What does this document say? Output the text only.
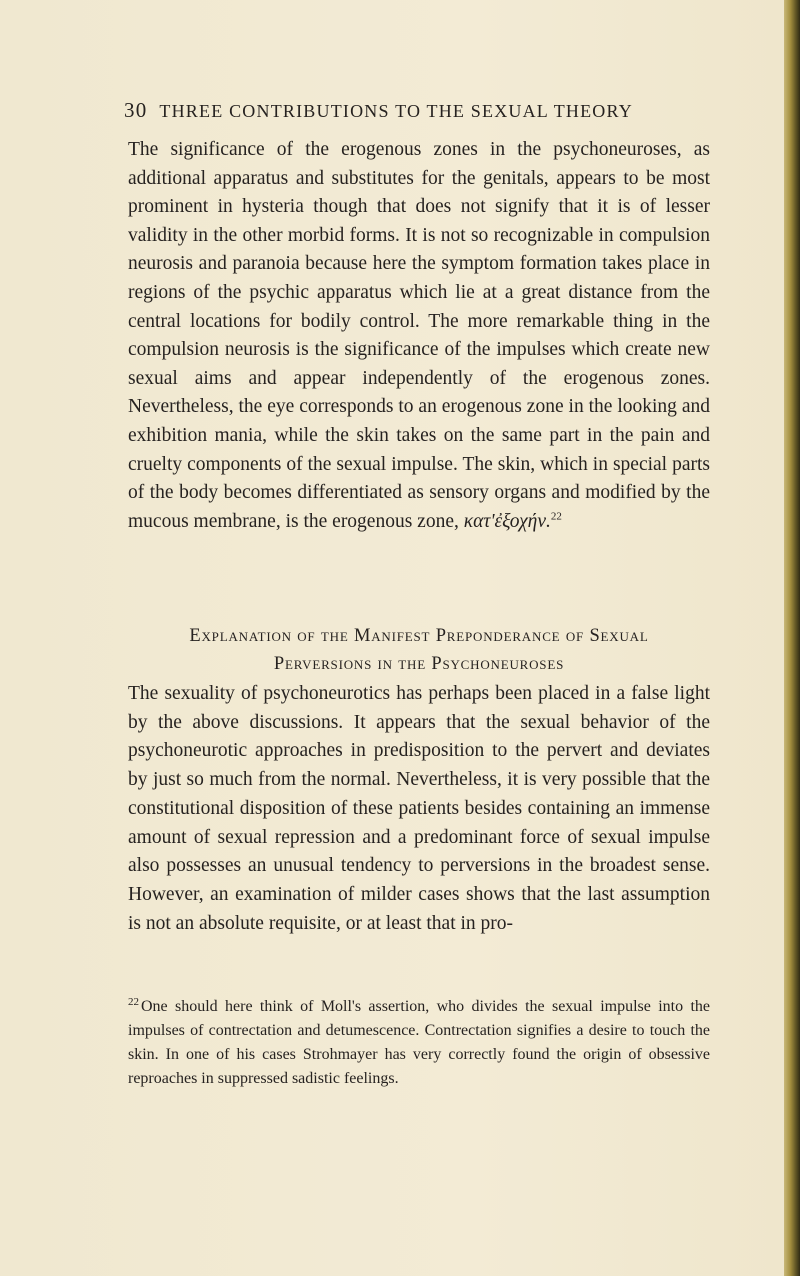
30 THREE CONTRIBUTIONS TO THE SEXUAL THEORY

The significance of the erogenous zones in the psychoneuroses, as additional apparatus and substitutes for the genitals, appears to be most prominent in hysteria though that does not signify that it is of lesser validity in the other morbid forms. It is not so recognizable in compulsion neurosis and paranoia because here the symptom formation takes place in regions of the psychic apparatus which lie at a great distance from the central locations for bodily control. The more remarkable thing in the compulsion neurosis is the significance of the impulses which create new sexual aims and appear independently of the erogenous zones. Nevertheless, the eye corresponds to an erogenous zone in the looking and exhibition mania, while the skin takes on the same part in the pain and cruelty components of the sexual impulse. The skin, which in special parts of the body becomes differentiated as sensory organs and modified by the mucous membrane, is the erogenous zone, κατ'ἐξοχήν.$^{22}$

Explanation of the Manifest Preponderance of Sexual
Perversions in the Psychoneuroses

The sexuality of psychoneurotics has perhaps been placed in a false light by the above discussions. It appears that the sexual behavior of the psychoneurotic approaches in predisposition to the pervert and deviates by just so much from the normal. Nevertheless, it is very possible that the constitutional disposition of these patients besides containing an immense amount of sexual repression and a predominant force of sexual impulse also possesses an unusual tendency to perversions in the broadest sense. However, an examination of milder cases shows that the last assumption is not an absolute requisite, or at least that in pro-

$^{22}$ One should here think of Moll's assertion, who divides the sexual impulse into the impulses of contrectation and detumescence. Contrectation signifies a desire to touch the skin. In one of his cases Strohmayer has very correctly found the origin of obsessive reproaches in suppressed sadistic feelings.
